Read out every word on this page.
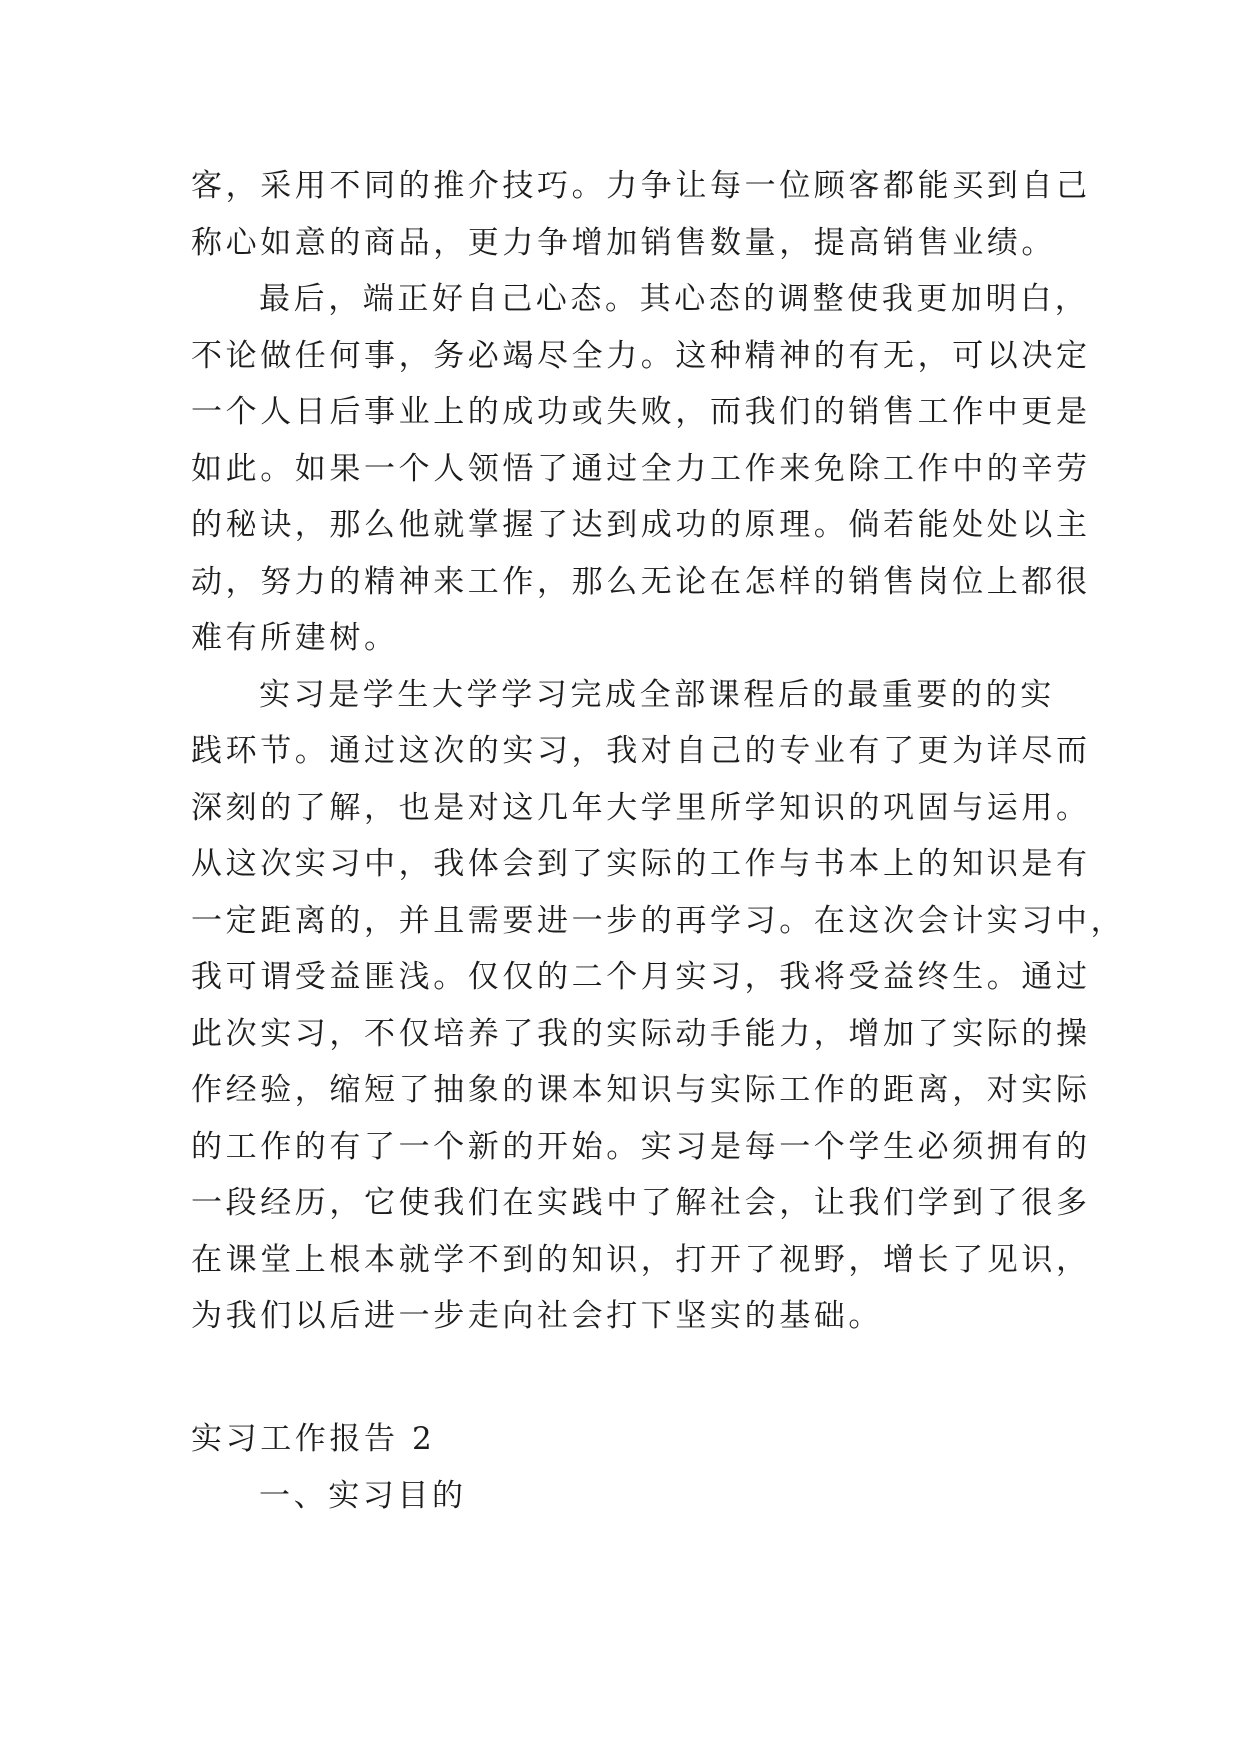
客，采用不同的推介技巧。力争让每一位顾客都能买到自己
称心如意的商品，更力争增加销售数量，提高销售业绩。
最后，端正好自己心态。其心态的调整使我更加明白，
不论做任何事，务必竭尽全力。这种精神的有无，可以决定
一个人日后事业上的成功或失败，而我们的销售工作中更是
如此。如果一个人领悟了通过全力工作来免除工作中的辛劳
的秘诀，那么他就掌握了达到成功的原理。倘若能处处以主
动，努力的精神来工作，那么无论在怎样的销售岗位上都很
难有所建树。
实习是学生大学学习完成全部课程后的最重要的的实
践环节。通过这次的实习，我对自己的专业有了更为详尽而
深刻的了解，也是对这几年大学里所学知识的巩固与运用。
从这次实习中，我体会到了实际的工作与书本上的知识是有
一定距离的，并且需要进一步的再学习。在这次会计实习中，
我可谓受益匪浅。仅仅的二个月实习，我将受益终生。通过
此次实习，不仅培养了我的实际动手能力，增加了实际的操
作经验，缩短了抽象的课本知识与实际工作的距离，对实际
的工作的有了一个新的开始。实习是每一个学生必须拥有的
一段经历，它使我们在实践中了解社会，让我们学到了很多
在课堂上根本就学不到的知识，打开了视野，增长了见识，
为我们以后进一步走向社会打下坚实的基础。
实习工作报告 2
一、实习目的
